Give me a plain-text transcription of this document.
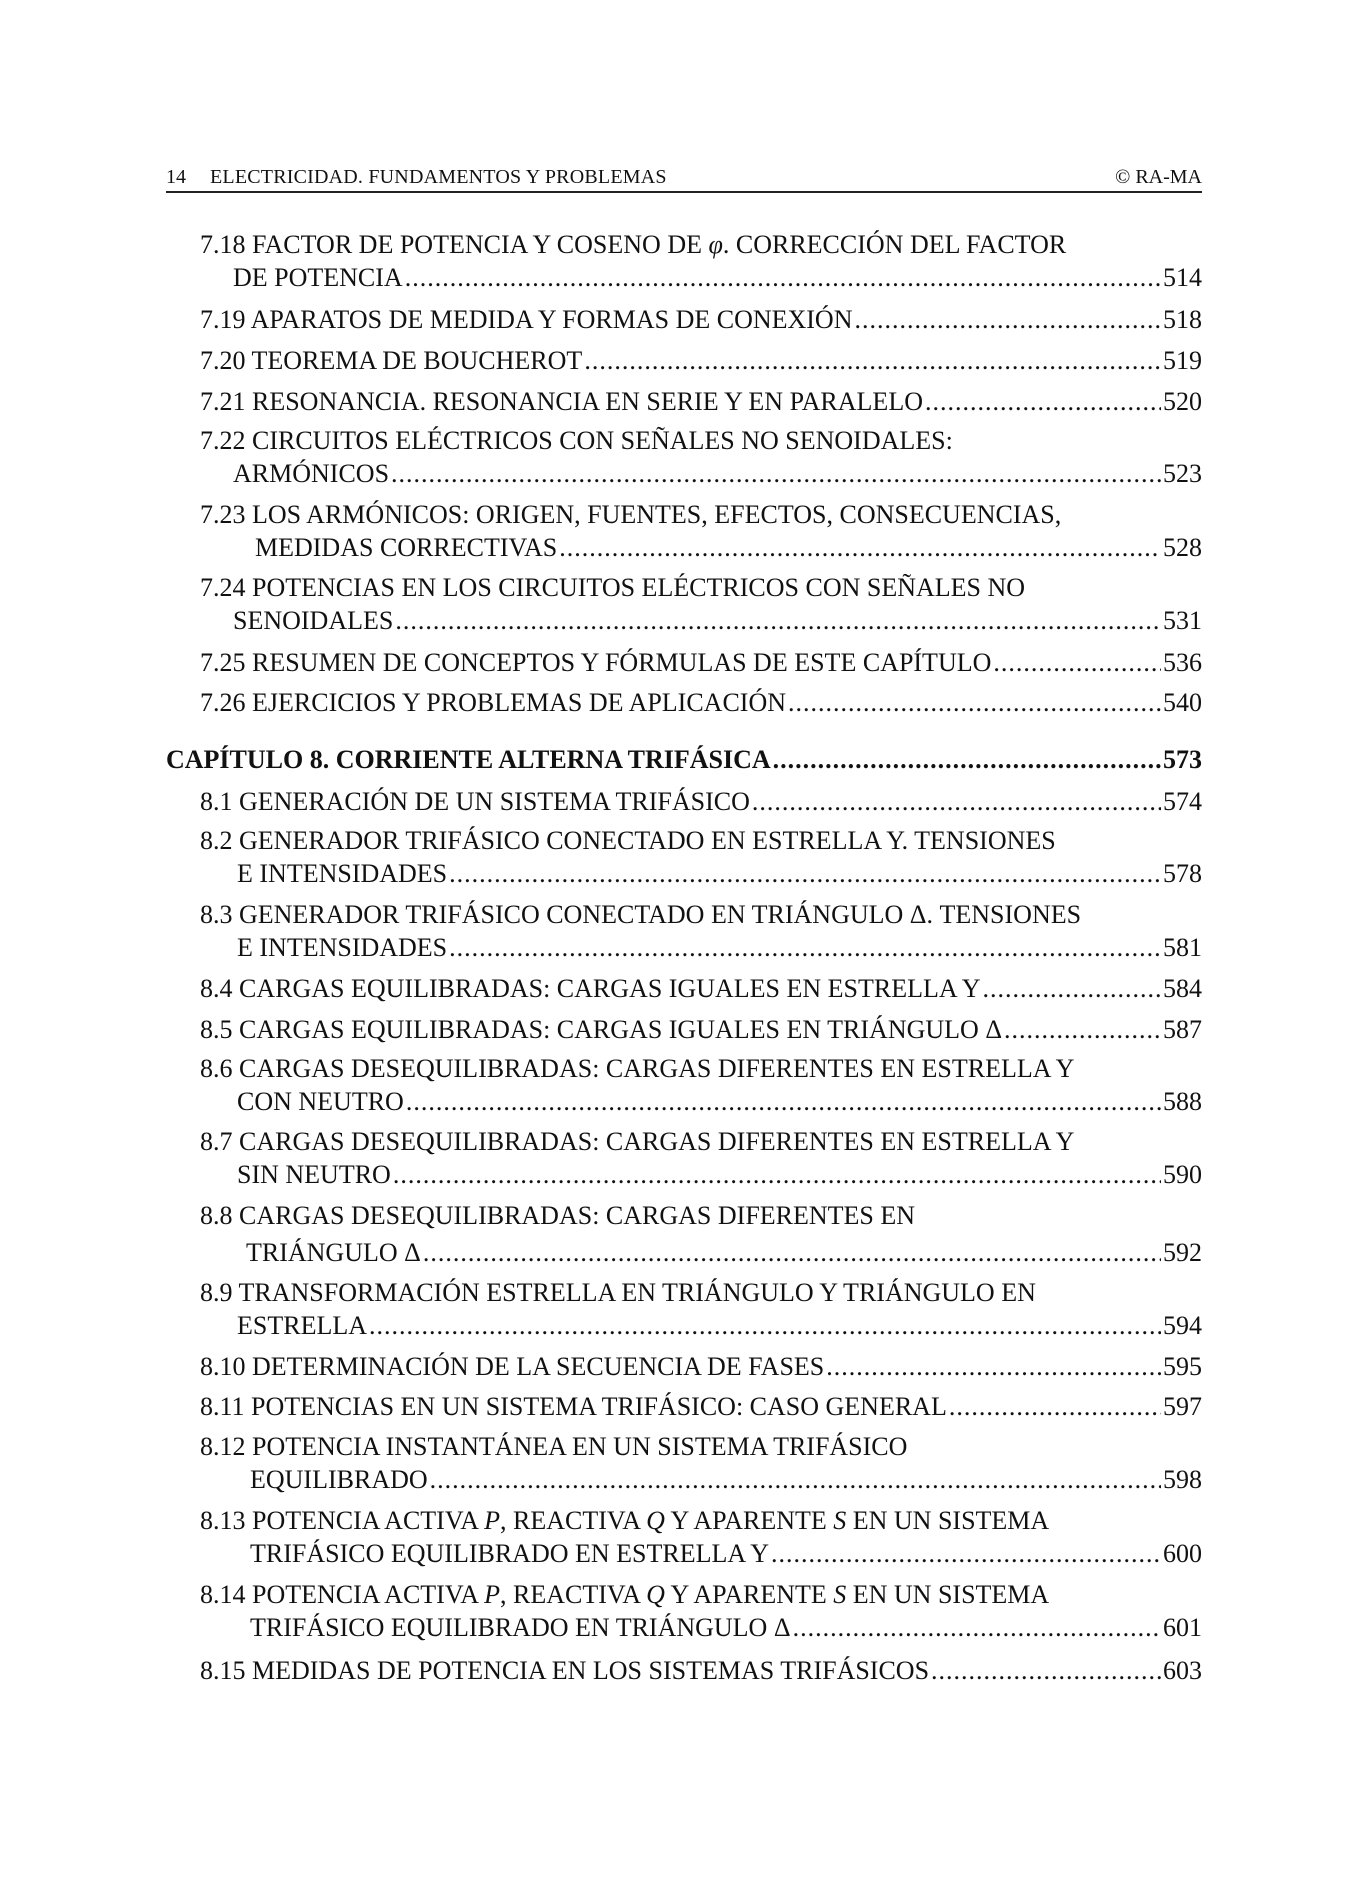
14 ELECTRICIDAD. FUNDAMENTOS Y PROBLEMAS	© RA-MA
7.18 FACTOR DE POTENCIA Y COSENO DE φ. CORRECCIÓN DEL FACTOR
DE POTENCIA .....	514
7.19 APARATOS DE MEDIDA Y FORMAS DE CONEXIÓN .....	518
7.20 TEOREMA DE BOUCHEROT .....	519
7.21 RESONANCIA. RESONANCIA EN SERIE Y EN PARALELO .....	520
7.22 CIRCUITOS ELÉCTRICOS CON SEÑALES NO SENOIDALES:
ARMÓNICOS .....	523
7.23 LOS ARMÓNICOS: ORIGEN, FUENTES, EFECTOS, CONSECUENCIAS,
MEDIDAS CORRECTIVAS .....	528
7.24 POTENCIAS EN LOS CIRCUITOS ELÉCTRICOS CON SEÑALES NO
SENOIDALES .....	531
7.25 RESUMEN DE CONCEPTOS Y FÓRMULAS DE ESTE CAPÍTULO .....	536
7.26 EJERCICIOS Y PROBLEMAS DE APLICACIÓN .....	540
CAPÍTULO 8. CORRIENTE ALTERNA TRIFÁSICA .....	573
8.1 GENERACIÓN DE UN SISTEMA TRIFÁSICO .....	574
8.2 GENERADOR TRIFÁSICO CONECTADO EN ESTRELLA Y. TENSIONES
E INTENSIDADES .....	578
8.3 GENERADOR TRIFÁSICO CONECTADO EN TRIÁNGULO Δ. TENSIONES
E INTENSIDADES .....	581
8.4 CARGAS EQUILIBRADAS: CARGAS IGUALES EN ESTRELLA Y .....	584
8.5 CARGAS EQUILIBRADAS: CARGAS IGUALES EN TRIÁNGULO Δ .....	587
8.6 CARGAS DESEQUILIBRADAS: CARGAS DIFERENTES EN ESTRELLA Y
CON NEUTRO .....	588
8.7 CARGAS DESEQUILIBRADAS: CARGAS DIFERENTES EN ESTRELLA Y
SIN NEUTRO .....	590
8.8 CARGAS DESEQUILIBRADAS: CARGAS DIFERENTES EN
TRIÁNGULO Δ .....	592
8.9 TRANSFORMACIÓN ESTRELLA EN TRIÁNGULO Y TRIÁNGULO EN
ESTRELLA .....	594
8.10 DETERMINACIÓN DE LA SECUENCIA DE FASES .....	595
8.11 POTENCIAS EN UN SISTEMA TRIFÁSICO: CASO GENERAL .....	597
8.12 POTENCIA INSTANTÁNEA EN UN SISTEMA TRIFÁSICO
EQUILIBRADO .....	598
8.13 POTENCIA ACTIVA P, REACTIVA Q Y APARENTE S EN UN SISTEMA
TRIFÁSICO EQUILIBRADO EN ESTRELLA Y .....	600
8.14 POTENCIA ACTIVA P, REACTIVA Q Y APARENTE S EN UN SISTEMA
TRIFÁSICO EQUILIBRADO EN TRIÁNGULO Δ .....	601
8.15 MEDIDAS DE POTENCIA EN LOS SISTEMAS TRIFÁSICOS .....	603
